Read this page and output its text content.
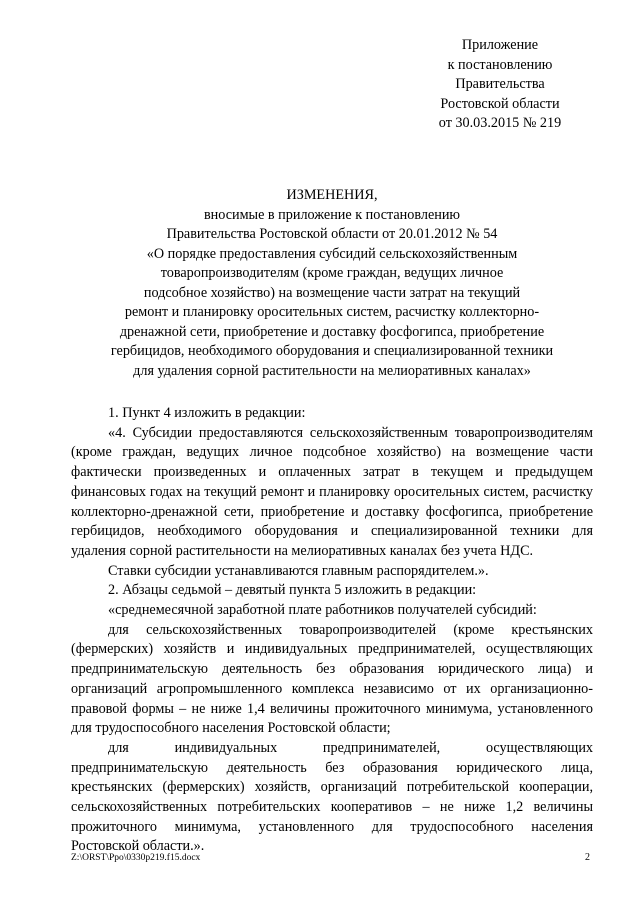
Приложение
к постановлению
Правительства
Ростовской области
от 30.03.2015 № 219
ИЗМЕНЕНИЯ,
вносимые в приложение к постановлению
Правительства Ростовской области от 20.01.2012 № 54
«О порядке предоставления субсидий сельскохозяйственным
товаропроизводителям (кроме граждан, ведущих личное
подсобное хозяйство) на возмещение части затрат на текущий
ремонт и планировку оросительных систем, расчистку коллекторно-
дренажной сети, приобретение и доставку фосфогипса, приобретение
гербицидов, необходимого оборудования и специализированной техники
для удаления сорной растительности на мелиоративных каналах»

1. Пункт 4 изложить в редакции:

«4. Субсидии предоставляются сельскохозяйственным товаропроизводителям (кроме граждан, ведущих личное подсобное хозяйство) на возмещение части фактически произведенных и оплаченных затрат в текущем и предыдущем финансовых годах на текущий ремонт и планировку оросительных систем, расчистку коллекторно-дренажной сети, приобретение и доставку фосфогипса, приобретение гербицидов, необходимого оборудования и специализированной техники для удаления сорной растительности на мелиоративных каналах без учета НДС.

Ставки субсидии устанавливаются главным распорядителем.».

2. Абзацы седьмой – девятый пункта 5 изложить в редакции:

«среднемесячной заработной плате работников получателей субсидий:

для сельскохозяйственных товаропроизводителей (кроме крестьянских (фермерских) хозяйств и индивидуальных предпринимателей, осуществляющих предпринимательскую деятельность без образования юридического лица) и организаций агропромышленного комплекса независимо от их организационно-правовой формы – не ниже 1,4 величины прожиточного минимума, установленного для трудоспособного населения Ростовской области;

для индивидуальных предпринимателей, осуществляющих

предпринимательскую деятельность без образования юридического лица, крестьянских (фермерских) хозяйств, организаций потребительской кооперации, сельскохозяйственных потребительских кооперативов – не ниже 1,2 величины прожиточного минимума, установленного для трудоспособного населения Ростовской области.».

Z:\ORST\Ppo\0330p219.f15.docx	2
